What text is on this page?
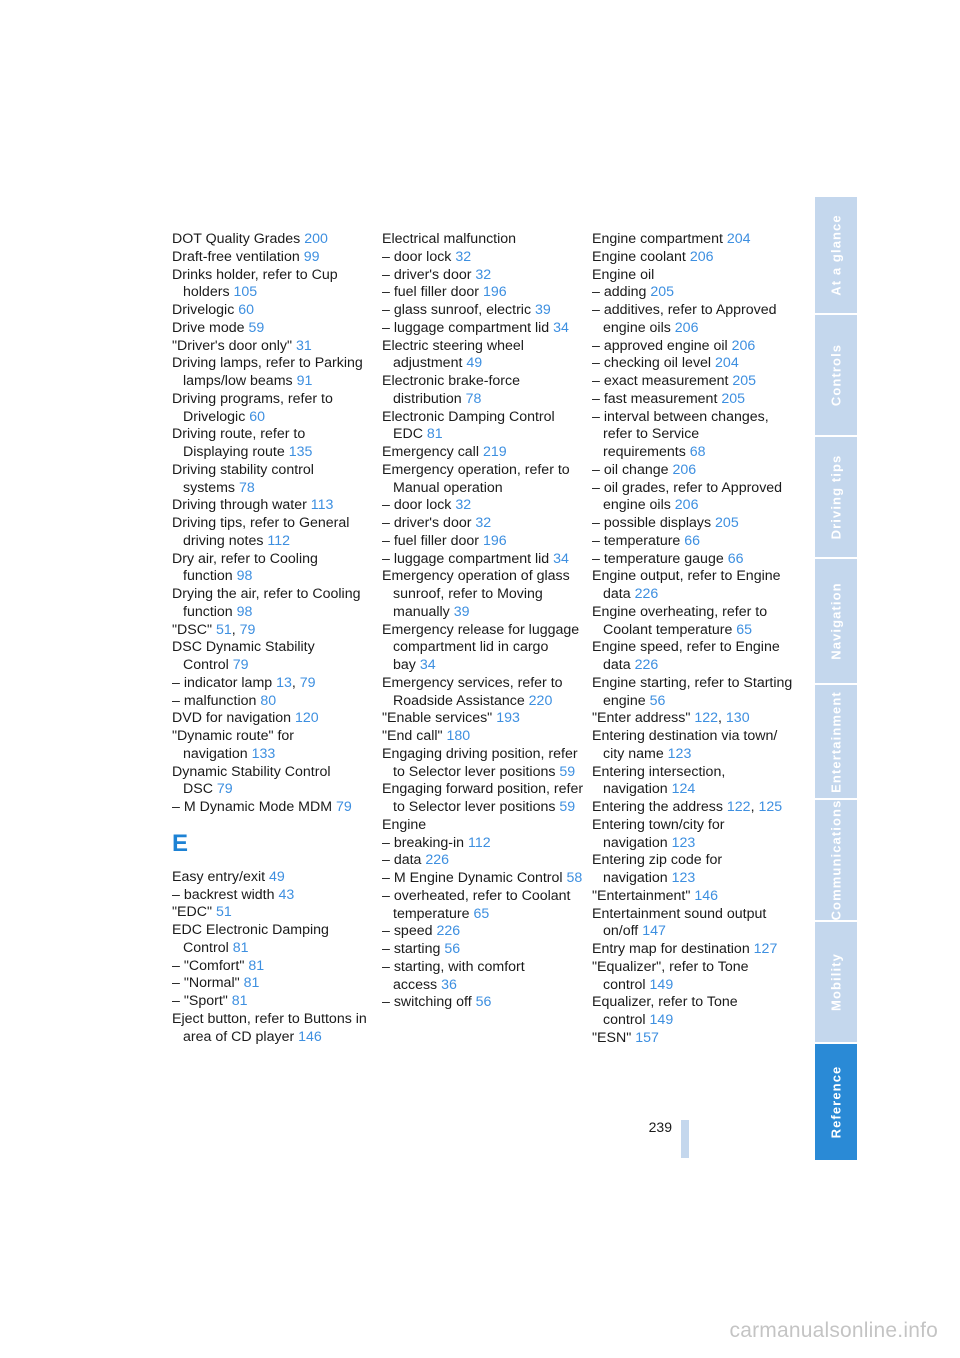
DOT Quality Grades 200
Draft-free ventilation 99
Drinks holder, refer to Cup holders 105
Drivelogic 60
Drive mode 59
"Driver's door only" 31
Driving lamps, refer to Parking lamps/low beams 91
Driving programs, refer to Drivelogic 60
Driving route, refer to Displaying route 135
Driving stability control systems 78
Driving through water 113
Driving tips, refer to General driving notes 112
Dry air, refer to Cooling function 98
Drying the air, refer to Cooling function 98
"DSC" 51, 79
DSC Dynamic Stability Control 79
– indicator lamp 13, 79
– malfunction 80
DVD for navigation 120
"Dynamic route" for navigation 133
Dynamic Stability Control DSC 79
– M Dynamic Mode MDM 79
E
Easy entry/exit 49
– backrest width 43
"EDC" 51
EDC Electronic Damping Control 81
– "Comfort" 81
– "Normal" 81
– "Sport" 81
Eject button, refer to Buttons in area of CD player 146
Electrical malfunction
– door lock 32
– driver's door 32
– fuel filler door 196
– glass sunroof, electric 39
– luggage compartment lid 34
Electric steering wheel adjustment 49
Electronic brake-force distribution 78
Electronic Damping Control EDC 81
Emergency call 219
Emergency operation, refer to Manual operation
– door lock 32
– driver's door 32
– fuel filler door 196
– luggage compartment lid 34
Emergency operation of glass sunroof, refer to Moving manually 39
Emergency release for luggage compartment lid in cargo bay 34
Emergency services, refer to Roadside Assistance 220
"Enable services" 193
"End call" 180
Engaging driving position, refer to Selector lever positions 59
Engaging forward position, refer to Selector lever positions 59
Engine
– breaking-in 112
– data 226
– M Engine Dynamic Control 58
– overheated, refer to Coolant temperature 65
– speed 226
– starting 56
– starting, with comfort access 36
– switching off 56
Engine compartment 204
Engine coolant 206
Engine oil
– adding 205
– additives, refer to Approved engine oils 206
– approved engine oil 206
– checking oil level 204
– exact measurement 205
– fast measurement 205
– interval between changes, refer to Service requirements 68
– oil change 206
– oil grades, refer to Approved engine oils 206
– possible displays 205
– temperature 66
– temperature gauge 66
Engine output, refer to Engine data 226
Engine overheating, refer to Coolant temperature 65
Engine speed, refer to Engine data 226
Engine starting, refer to Starting engine 56
"Enter address" 122, 130
Entering destination via town/ city name 123
Entering intersection, navigation 124
Entering the address 122, 125
Entering town/city for navigation 123
Entering zip code for navigation 123
"Entertainment" 146
Entertainment sound output on/off 147
Entry map for destination 127
"Equalizer", refer to Tone control 149
Equalizer, refer to Tone control 149
"ESN" 157
At a glance
Controls
Driving tips
Navigation
Entertainment
Communications
Mobility
Reference
239
carmanualsonline.info
